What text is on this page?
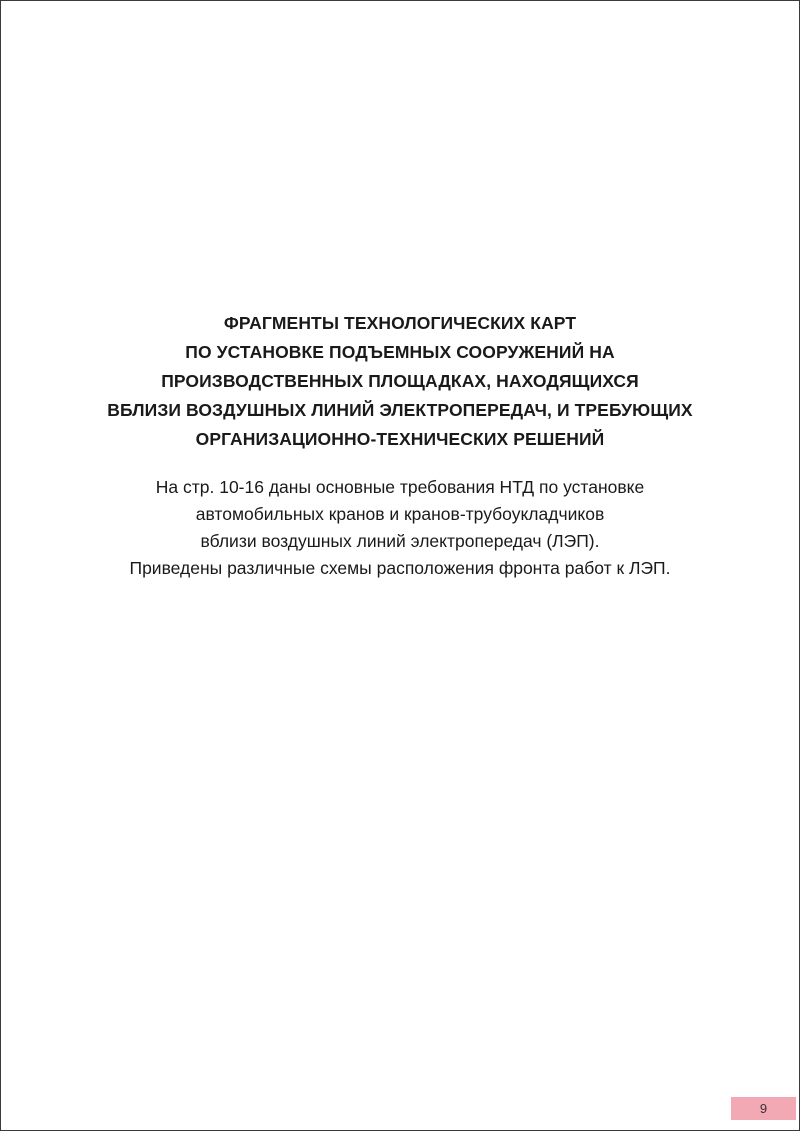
ФРАГМЕНТЫ ТЕХНОЛОГИЧЕСКИХ КАРТ
ПО УСТАНОВКЕ ПОДЪЕМНЫХ СООРУЖЕНИЙ НА
ПРОИЗВОДСТВЕННЫХ ПЛОЩАДКАХ, НАХОДЯЩИХСЯ
ВБЛИЗИ ВОЗДУШНЫХ ЛИНИЙ ЭЛЕКТРОПЕРЕДАЧ, И ТРЕБУЮЩИХ
ОРГАНИЗАЦИОННО-ТЕХНИЧЕСКИХ РЕШЕНИЙ
На стр. 10-16 даны основные требования НТД по установке
автомобильных кранов и кранов-трубоукладчиков
вблизи воздушных линий электропередач (ЛЭП).
Приведены различные схемы расположения фронта работ к ЛЭП.
9
